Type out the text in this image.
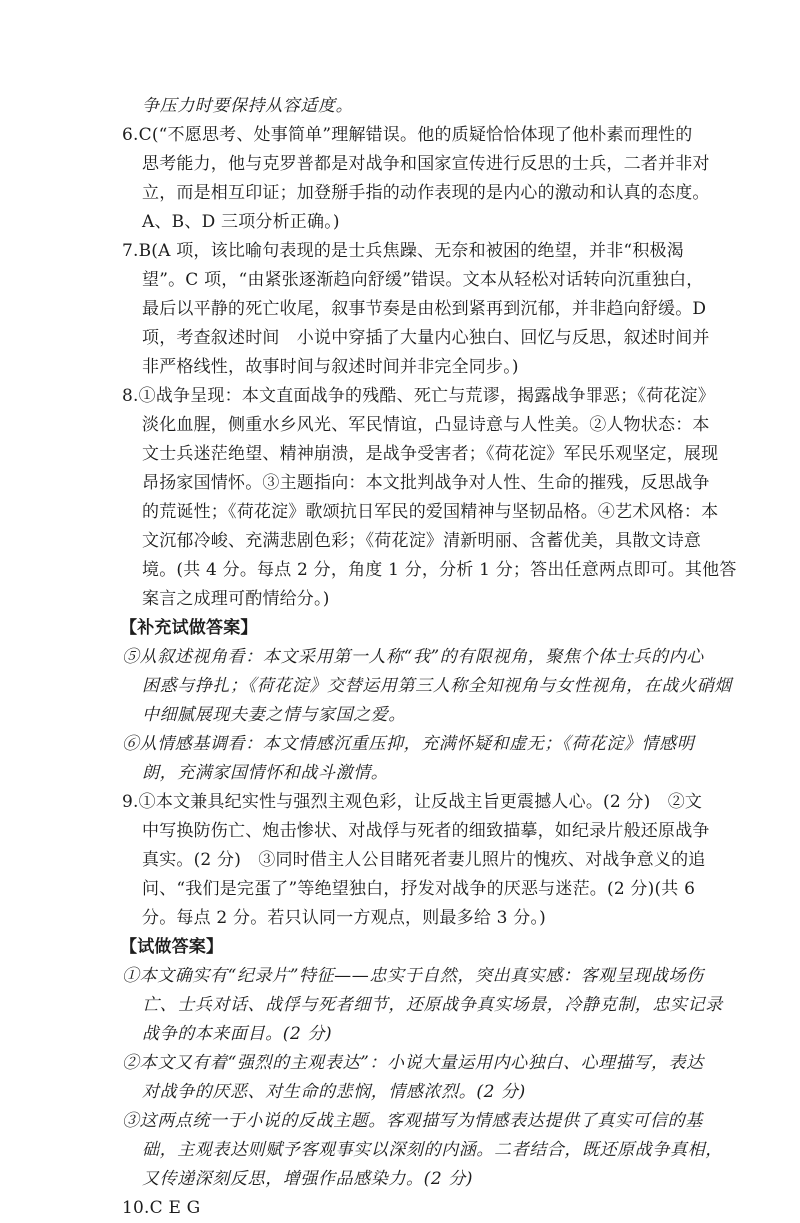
争压力时要保持从容适度。
6.C(“不愿思考、处事简单”理解错误。他的质疑恰恰体现了他朴素而理性的
思考能力，他与克罗普都是对战争和国家宣传进行反思的士兵，二者并非对
立，而是相互印证；加登掰手指的动作表现的是内心的激动和认真的态度。
A、B、D 三项分析正确。)
7.B(A 项，该比喻句表现的是士兵焦躁、无奈和被困的绝望，并非“积极渴
望”。C 项，“由紧张逐渐趋向舒缓”错误。文本从轻松对话转向沉重独白，
最后以平静的死亡收尾，叙事节奏是由松到紧再到沉郁，并非趋向舒缓。D
项，考查叙述时间　小说中穿插了大量内心独白、回忆与反思，叙述时间并
非严格线性，故事时间与叙述时间并非完全同步。)
8.①战争呈现：本文直面战争的残酷、死亡与荒谬，揭露战争罪恶；《荷花淀》
淡化血腥，侧重水乡风光、军民情谊，凸显诗意与人性美。②人物状态：本
文士兵迷茫绝望、精神崩溃，是战争受害者；《荷花淀》军民乐观坚定，展现
昂扬家国情怀。③主题指向：本文批判战争对人性、生命的摧残，反思战争
的荒诞性；《荷花淀》歌颂抗日军民的爱国精神与坚韧品格。④艺术风格：本
文沉郁冷峻、充满悲剧色彩；《荷花淀》清新明丽、含蓄优美，具散文诗意
境。(共 4 分。每点 2 分，角度 1 分，分析 1 分；答出任意两点即可。其他答
案言之成理可酌情给分。)
【补充试做答案】
⑤从叙述视角看：本文采用第一人称“我”的有限视角，聚焦个体士兵的内心
困惑与挣扎；《荷花淀》交替运用第三人称全知视角与女性视角，在战火硝烟
中细腻展现夫妻之情与家国之爱。
⑥从情感基调看：本文情感沉重压抑，充满怀疑和虚无；《荷花淀》情感明
朗，充满家国情怀和战斗激情。
9.①本文兼具纪实性与强烈主观色彩，让反战主旨更震撼人心。(2 分)　②文
中写换防伤亡、炮击惨状、对战俘与死者的细致描摹，如纪录片般还原战争
真实。(2 分)　③同时借主人公目睹死者妻儿照片的愧疚、对战争意义的追
问、“我们是完蛋了”等绝望独白，抒发对战争的厌恶与迷茫。(2 分)(共 6
分。每点 2 分。若只认同一方观点，则最多给 3 分。)
【试做答案】
①本文确实有“纪录片”特征——忠实于自然，突出真实感：客观呈现战场伤
亡、士兵对话、战俘与死者细节，还原战争真实场景，冷静克制，忠实记录
战争的本来面目。(2 分)
②本文又有着“强烈的主观表达”：小说大量运用内心独白、心理描写，表达
对战争的厌恶、对生命的悲悯，情感浓烈。(2 分)
③这两点统一于小说的反战主题。客观描写为情感表达提供了真实可信的基
础，主观表达则赋予客观事实以深刻的内涵。二者结合，既还原战争真相，
又传递深刻反思，增强作品感染力。(2 分)
10.C E G
